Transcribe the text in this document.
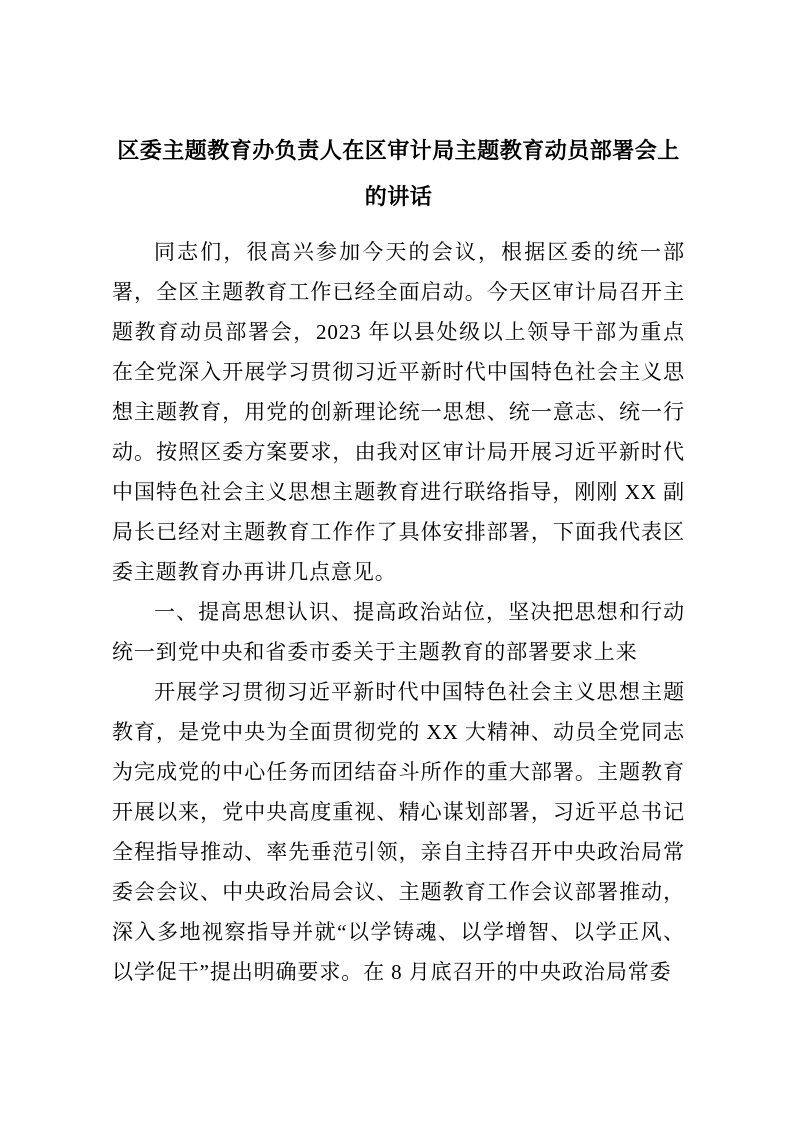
区委主题教育办负责人在区审计局主题教育动员部署会上的讲话

同志们，很高兴参加今天的会议，根据区委的统一部署，全区主题教育工作已经全面启动。今天区审计局召开主题教育动员部署会，2023 年以县处级以上领导干部为重点在全党深入开展学习贯彻习近平新时代中国特色社会主义思想主题教育，用党的创新理论统一思想、统一意志、统一行动。按照区委方案要求，由我对区审计局开展习近平新时代中国特色社会主义思想主题教育进行联络指导，刚刚 XX 副局长已经对主题教育工作作了具体安排部署，下面我代表区委主题教育办再讲几点意见。

一、提高思想认识、提高政治站位，坚决把思想和行动统一到党中央和省委市委关于主题教育的部署要求上来

开展学习贯彻习近平新时代中国特色社会主义思想主题教育，是党中央为全面贯彻党的 XX 大精神、动员全党同志为完成党的中心任务而团结奋斗所作的重大部署。主题教育开展以来，党中央高度重视、精心谋划部署，习近平总书记全程指导推动、率先垂范引领，亲自主持召开中央政治局常委会会议、中央政治局会议、主题教育工作会议部署推动，深入多地视察指导并就“以学铸魂、以学增智、以学正风、以学促干”提出明确要求。在 8 月底召开的中央政治局常委
